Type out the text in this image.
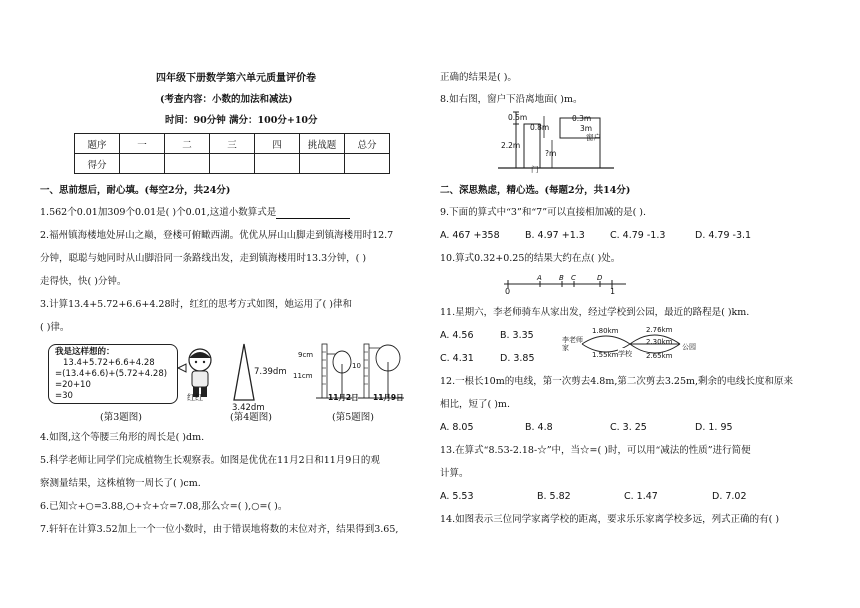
四年级下册数学第六单元质量评价卷
(考查内容：小数的加法和减法)
时间：90分钟 满分：100分+10分
题序	一	二	三	四	挑战题	总分
得分						
一、思前想后，耐心填。(每空2分，共24分)
1.562个0.01加309个0.01是( )个0.01,这道小数算式是
2.福州镇海楼地处屏山之巅，登楼可俯瞰西湖。优优从屏山山脚走到镇海楼用时12.7
分钟，聪聪与她同时从山脚沿同一条路线出发，走到镇海楼用时13.3分钟，( )
走得快，快( )分钟。
3.计算13.4+5.72+6.6+4.28时，红红的思考方式如图，她运用了( )律和
( )律。
我是这样想的：
13.4+5.72+6.6+4.28
=(13.4+6.6)+(5.72+4.28)
=20+10
=30	红红
7.39dm
3.42dm
9cm
11cm
10
11月2日 11月9日
(第3题图)	(第4题图)	(第5题图)
4.如图,这个等腰三角形的周长是( )dm.
5.科学老师让同学们完成植物生长观察表。如图是优优在11月2日和11月9日的观
察测量结果，这株植物一周长了( )cm.
6.已知☆+○=3.88,○+☆+☆=7.08,那么☆=( ),○=( )。
7.轩轩在计算3.52加上一个一位小数时，由于错误地将数的末位对齐，结果得到3.65,
正确的结果是( )。
8.如右图，窗户下沿离地面( )m。
0.5m	0.3m
0.8m
2.2m
?m
窗户
门
3m
二、深思熟虑，精心选。(每题2分，共14分)
9.下面的算式中“3”和“7”可以直接相加减的是( ).
A. 467 +358	B. 4.97 +1.3	C. 4.79 -1.3	D. 4.79 -3.1
10.算式0.32+0.25的结果大约在点( )处。
A B C	D
0	1
11.星期六，李老师骑车从家出发，经过学校到公园，最近的路程是( )km.
A. 4.56	B. 3.35
C. 4.31	D. 3.85
李老师家
学校
公园
1.80km
1.55km
2.76km
2.30km
2.65km
12.一根长10m的电线，第一次剪去4.8m,第二次剪去3.25m,剩余的电线长度和原来
相比，短了( )m.
A. 8.05	B. 4.8	C. 3. 25	D. 1. 95
13.在算式“8.53-2.18-☆”中，当☆=( )时，可以用“减法的性质”进行简便
计算。
A. 5.53	B. 5.82	C. 1.47	D. 7.02
14.如图表示三位同学家离学校的距离，要求乐乐家离学校多远，列式正确的有( )
